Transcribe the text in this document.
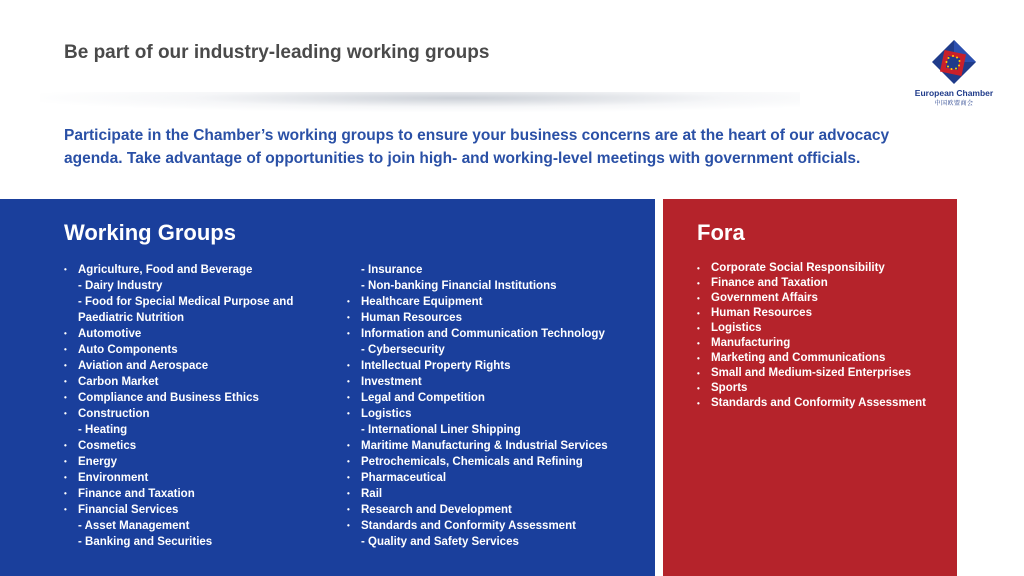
Be part of our industry-leading working groups
European Chamber
中国欧盟商会
Participate in the Chamber’s working groups to ensure your business concerns are at the heart of our advocacy agenda. Take advantage of opportunities to join high- and working-level meetings with government officials.
Working Groups
• Agriculture, Food and Beverage
- Dairy Industry
- Food for Special Medical Purpose and Paediatric Nutrition
• Automotive
• Auto Components
• Aviation and Aerospace
• Carbon Market
• Compliance and Business Ethics
• Construction
- Heating
• Cosmetics
• Energy
• Environment
• Finance and Taxation
• Financial Services
- Asset Management
- Banking and Securities
- Insurance
- Non-banking Financial Institutions
• Healthcare Equipment
• Human Resources
• Information and Communication Technology
- Cybersecurity
• Intellectual Property Rights
• Investment
• Legal and Competition
• Logistics
- International Liner Shipping
• Maritime Manufacturing & Industrial Services
• Petrochemicals, Chemicals and Refining
• Pharmaceutical
• Rail
• Research and Development
• Standards and Conformity Assessment
- Quality and Safety Services
Fora
• Corporate Social Responsibility
• Finance and Taxation
• Government Affairs
• Human Resources
• Logistics
• Manufacturing
• Marketing and Communications
• Small and Medium-sized Enterprises
• Sports
• Standards and Conformity Assessment
